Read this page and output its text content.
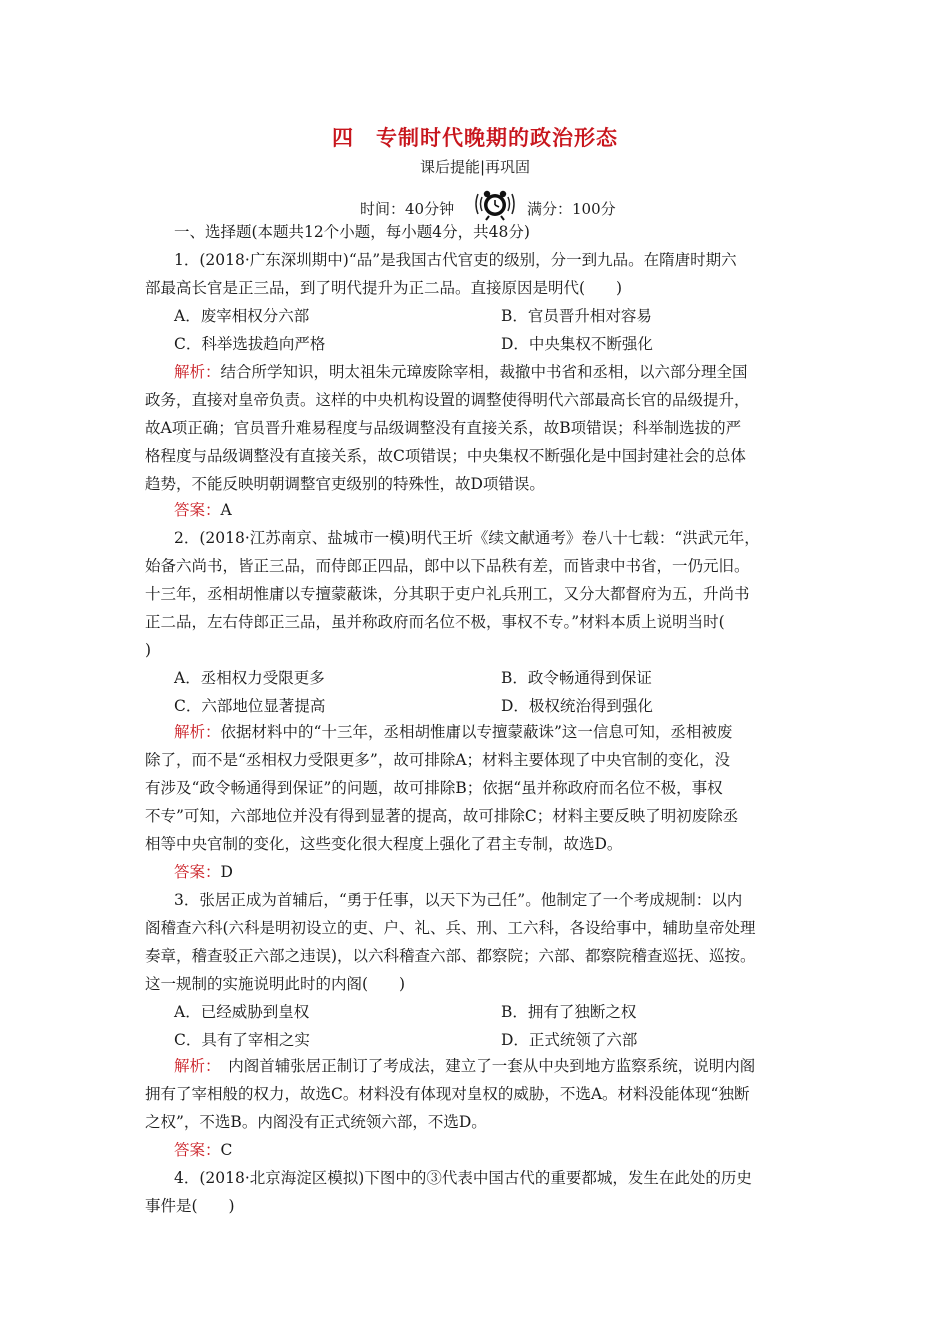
四　专制时代晚期的政治形态
课后提能|再巩固
时间：40分钟	满分：100分
一、选择题(本题共12个小题，每小题4分，共48分)
1．(2018·广东深圳期中)“品”是我国古代官吏的级别，分一到九品。在隋唐时期六
部最高长官是正三品，到了明代提升为正二品。直接原因是明代(　　)
A．废宰相权分六部	B．官员晋升相对容易
C．科举选拔趋向严格	D．中央集权不断强化
解析：结合所学知识，明太祖朱元璋废除宰相，裁撤中书省和丞相，以六部分理全国
政务，直接对皇帝负责。这样的中央机构设置的调整使得明代六部最高长官的品级提升，
故A项正确；官员晋升难易程度与品级调整没有直接关系，故B项错误；科举制选拔的严
格程度与品级调整没有直接关系，故C项错误；中央集权不断强化是中国封建社会的总体
趋势，不能反映明朝调整官吏级别的特殊性，故D项错误。
答案：A
2．(2018·江苏南京、盐城市一模)明代王圻《续文献通考》卷八十七载：“洪武元年，
始备六尚书，皆正三品，而侍郎正四品，郎中以下品秩有差，而皆隶中书省，一仍元旧。
十三年，丞相胡惟庸以专擅蒙蔽诛，分其职于吏户礼兵刑工，又分大都督府为五，升尚书
正二品，左右侍郎正三品，虽并称政府而名位不极，事权不专。”材料本质上说明当时(
)
A．丞相权力受限更多	B．政令畅通得到保证
C．六部地位显著提高	D．极权统治得到强化
解析：依据材料中的“十三年，丞相胡惟庸以专擅蒙蔽诛”这一信息可知，丞相被废
除了，而不是“丞相权力受限更多”，故可排除A；材料主要体现了中央官制的变化，没
有涉及“政令畅通得到保证”的问题，故可排除B；依据“虽并称政府而名位不极，事权
不专”可知，六部地位并没有得到显著的提高，故可排除C；材料主要反映了明初废除丞
相等中央官制的变化，这些变化很大程度上强化了君主专制，故选D。
答案：D
3．张居正成为首辅后，“勇于任事，以天下为己任”。他制定了一个考成规制：以内
阁稽查六科(六科是明初设立的吏、户、礼、兵、刑、工六科，各设给事中，辅助皇帝处理
奏章，稽查驳正六部之违误)，以六科稽查六部、都察院；六部、都察院稽查巡抚、巡按。
这一规制的实施说明此时的内阁(　　)
A．已经威胁到皇权	B．拥有了独断之权
C．具有了宰相之实	D．正式统领了六部
解析：　内阁首辅张居正制订了考成法，建立了一套从中央到地方监察系统，说明内阁
拥有了宰相般的权力，故选C。材料没有体现对皇权的威胁，不选A。材料没能体现“独断
之权”，不选B。内阁没有正式统领六部，不选D。
答案：C
4．(2018·北京海淀区模拟)下图中的③代表中国古代的重要都城，发生在此处的历史
事件是(　　)
